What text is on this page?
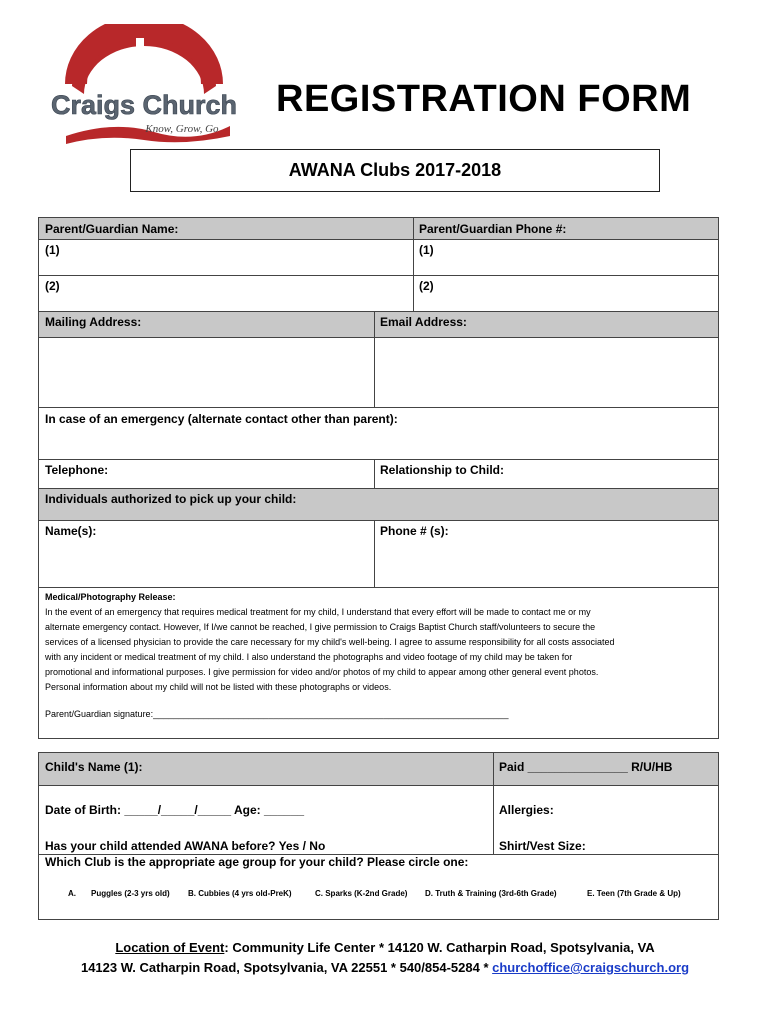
Craigs Church
Know, Grow, Go
REGISTRATION FORM
AWANA Clubs 2017-2018
Parent/Guardian Name:	Parent/Guardian Phone #:
(1)	(1)
(2)	(2)
Mailing Address:	Email Address:
In case of an emergency (alternate contact other than parent):
Telephone:	Relationship to Child:
Individuals authorized to pick up your child:
Name(s):	Phone # (s):
Medical/Photography Release:
In the event of an emergency that requires medical treatment for my child, I understand that every effort will be made to contact me or my
alternate emergency contact. However, If I/we cannot be reached, I give permission to Craigs Baptist Church staff/volunteers to secure the
services of a licensed physician to provide the care necessary for my child's well-being. I agree to assume responsibility for all costs associated
with any incident or medical treatment of my child. I also understand the photographs and video footage of my child may be taken for
promotional and informational purposes. I give permission for video and/or photos of my child to appear among other general event photos.
Personal information about my child will not be listed with these photographs or videos.
Parent/Guardian signature:_______________________________________________________________________
Child's Name (1):	Paid _______________ R/U/HB
Date of Birth: _____/_____/_____ Age: ______	Allergies:
Has your child attended AWANA before? Yes / No	Shirt/Vest Size:
Which Club is the appropriate age group for your child? Please circle one:
A. Puggles (2-3 yrs old) B. Cubbies (4 yrs old-PreK)	C. Sparks (K-2nd Grade) D. Truth & Training (3rd-6th Grade)	E. Teen (7th Grade & Up)
Location of Event: Community Life Center * 14120 W. Catharpin Road, Spotsylvania, VA
14123 W. Catharpin Road, Spotsylvania, VA 22551 * 540/854-5284 * churchoffice@craigschurch.org
